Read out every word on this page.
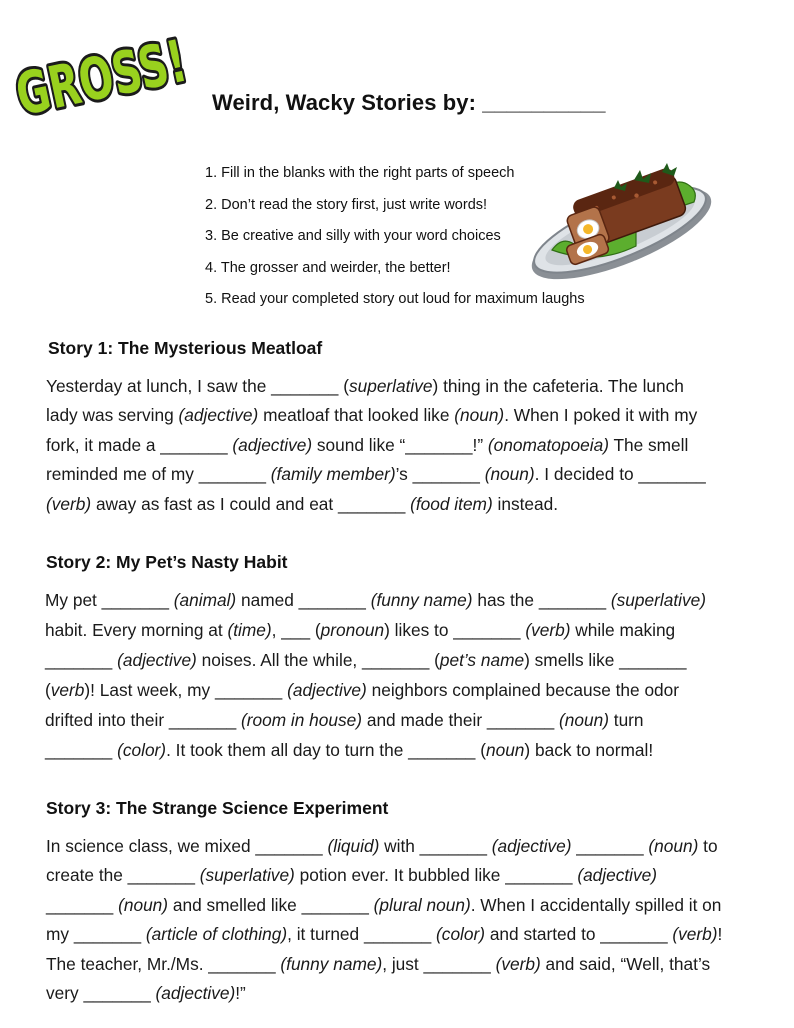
GROSS!
Weird, Wacky Stories by: __________
1. Fill in the blanks with the right parts of speech
2. Don’t read the story first, just write words!
3. Be creative and silly with your word choices
4. The grosser and weirder, the better!
5. Read your completed story out loud for maximum laughs
Story 1: The Mysterious Meatloaf

Yesterday at lunch, I saw the _______ (superlative) thing in the cafeteria. The lunch
lady was serving (adjective) meatloaf that looked like (noun). When I poked it with my
fork, it made a _______ (adjective) sound like “_______!” (onomatopoeia) The smell
reminded me of my _______ (family member)’s _______ (noun). I decided to _______
(verb) away as fast as I could and eat _______ (food item) instead.

Story 2: My Pet’s Nasty Habit

My pet _______ (animal) named _______ (funny name) has the _______ (superlative)
habit. Every morning at (time), ___ (pronoun) likes to _______ (verb) while making
_______ (adjective) noises. All the while, _______ (pet’s name) smells like _______
(verb)! Last week, my _______ (adjective) neighbors complained because the odor
drifted into their _______ (room in house) and made their _______ (noun) turn
_______ (color). It took them all day to turn the _______ (noun) back to normal!

Story 3: The Strange Science Experiment

In science class, we mixed _______ (liquid) with _______ (adjective) _______ (noun) to
create the _______ (superlative) potion ever. It bubbled like _______ (adjective)
_______ (noun) and smelled like _______ (plural noun). When I accidentally spilled it on
my _______ (article of clothing), it turned _______ (color) and started to _______ (verb)!
The teacher, Mr./Ms. _______ (funny name), just _______ (verb) and said, “Well, that’s
very _______ (adjective)!”
